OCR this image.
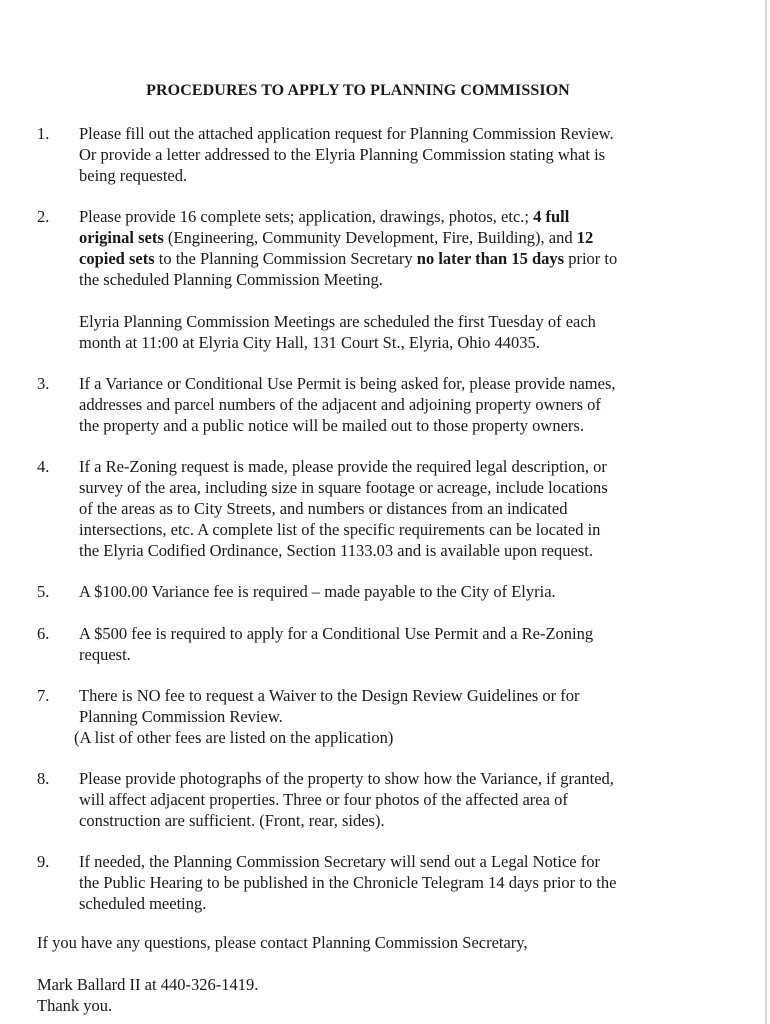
PROCEDURES TO APPLY TO PLANNING COMMISSION
1. Please fill out the attached application request for Planning Commission Review.
Or provide a letter addressed to the Elyria Planning Commission stating what is
being requested.
2. Please provide 16 complete sets; application, drawings, photos, etc.; 4 full
original sets (Engineering, Community Development, Fire, Building), and 12
copied sets to the Planning Commission Secretary no later than 15 days prior to
the scheduled Planning Commission Meeting.
Elyria Planning Commission Meetings are scheduled the first Tuesday of each
month at 11:00 at Elyria City Hall, 131 Court St., Elyria, Ohio 44035.
3. If a Variance or Conditional Use Permit is being asked for, please provide names,
addresses and parcel numbers of the adjacent and adjoining property owners of
the property and a public notice will be mailed out to those property owners.
4. If a Re-Zoning request is made, please provide the required legal description, or
survey of the area, including size in square footage or acreage, include locations
of the areas as to City Streets, and numbers or distances from an indicated
intersections, etc. A complete list of the specific requirements can be located in
the Elyria Codified Ordinance, Section 1133.03 and is available upon request.
5. A $100.00 Variance fee is required – made payable to the City of Elyria.
6. A $500 fee is required to apply for a Conditional Use Permit and a Re-Zoning
request.
7. There is NO fee to request a Waiver to the Design Review Guidelines or for
Planning Commission Review.
(A list of other fees are listed on the application)
8. Please provide photographs of the property to show how the Variance, if granted,
will affect adjacent properties. Three or four photos of the affected area of
construction are sufficient. (Front, rear, sides).
9. If needed, the Planning Commission Secretary will send out a Legal Notice for
the Public Hearing to be published in the Chronicle Telegram 14 days prior to the
scheduled meeting.
If you have any questions, please contact Planning Commission Secretary,
Mark Ballard II at 440-326-1419.
Thank you.
